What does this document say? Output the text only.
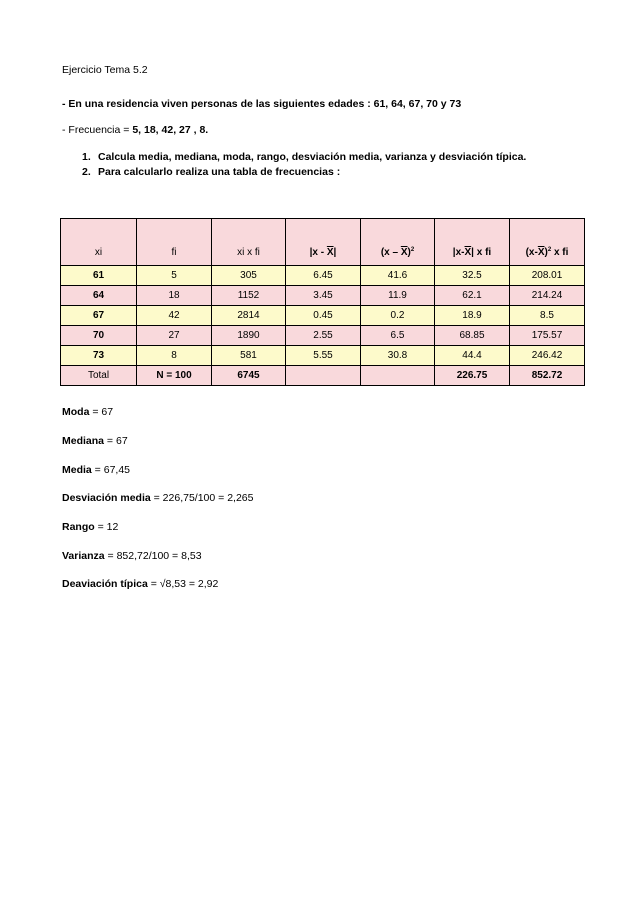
Ejercicio Tema 5.2
- En una residencia viven personas de las siguientes edades : 61, 64, 67, 70 y 73
- Frecuencia = 5, 18, 42, 27 , 8.
1. Calcula media, mediana, moda, rango, desviación media, varianza y desviación típica.
2. Para calcularlo realiza una tabla de frecuencias :
xi	fi	xi x fi	$|x - \overline{X}|$	$(x - \overline{X})^2$	$|x-\overline{X}|$ x fi	$(x-\overline{X})^2$ x fi
61	5	305	6.45	41.6	32.5	208.01
64	18	1152	3.45	11.9	62.1	214.24
67	42	2814	0.45	0.2	18.9	8.5
70	27	1890	2.55	6.5	68.85	175.57
73	8	581	5.55	30.8	44.4	246.42
Total	N = 100	6745			226.75	852.72
Moda = 67
Mediana = 67
Media = 67,45
Desviación media = 226,75/100 = 2,265
Rango = 12
Varianza = 852,72/100 = 8,53
Deaviación típica = √8,53 = 2,92
